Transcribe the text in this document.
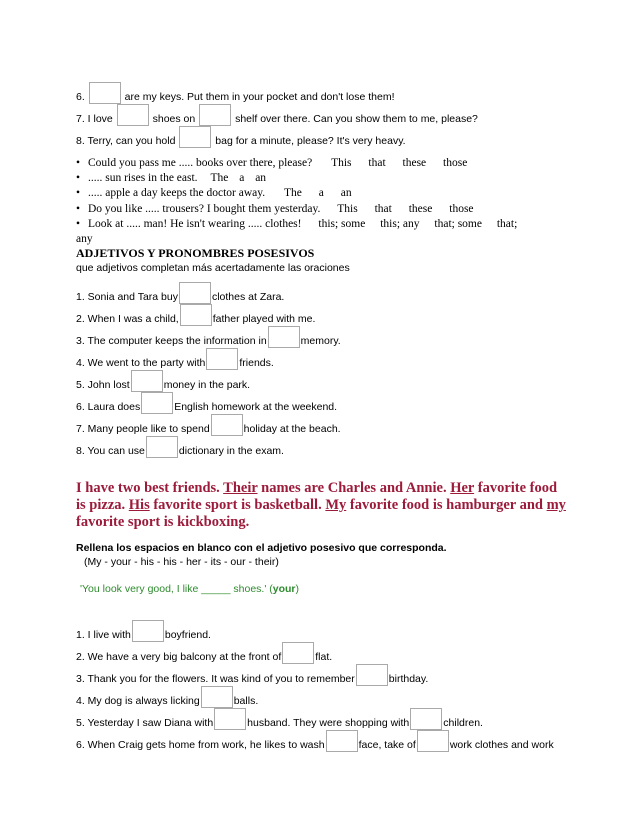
6.	are my keys. Put them in your pocket and don't lose them!
7. I love	shoes on	shelf over there. Can you show them to me, please?
8. Terry, can you hold	bag for a minute, please? It's very heavy.
• Could you pass me ..... books over there, please? This that these those
• ..... sun rises in the east. The a an
• ..... apple a day keeps the doctor away. The a an
• Do you like ..... trousers? I bought them yesterday. This that these those
• Look at ..... man! He isn't wearing ..... clothes! this; some this; any that; some that;
any
ADJETIVOS Y PRONOMBRES POSESIVOS
que adjetivos completan más acertadamente las oraciones
1. Sonia and Tara buy	clothes at Zara.
2. When I was a child,	father played with me.
3. The computer keeps the information in	memory.
4. We went to the party with	friends.
5. John lost	money in the park.
6. Laura does	English homework at the weekend.
7. Many people like to spend	holiday at the beach.
8. You can use	dictionary in the exam.
I have two best friends. Their names are Charles and Annie. Her favorite food is pizza. His favorite sport is basketball. My favorite food is hamburger and my favorite sport is kickboxing.
Rellena los espacios en blanco con el adjetivo posesivo que corresponda.
(My - your - his - his - her - its - our - their)
'You look very good, I like _____ shoes.' (your)
1. I live with	boyfriend.
2. We have a very big balcony at the front of	flat.
3. Thank you for the flowers. It was kind of you to remember	birthday.
4. My dog is always licking	balls.
5. Yesterday I saw Diana with	husband. They were shopping with	children.
6. When Craig gets home from work, he likes to wash	face, take of	work clothes and work
